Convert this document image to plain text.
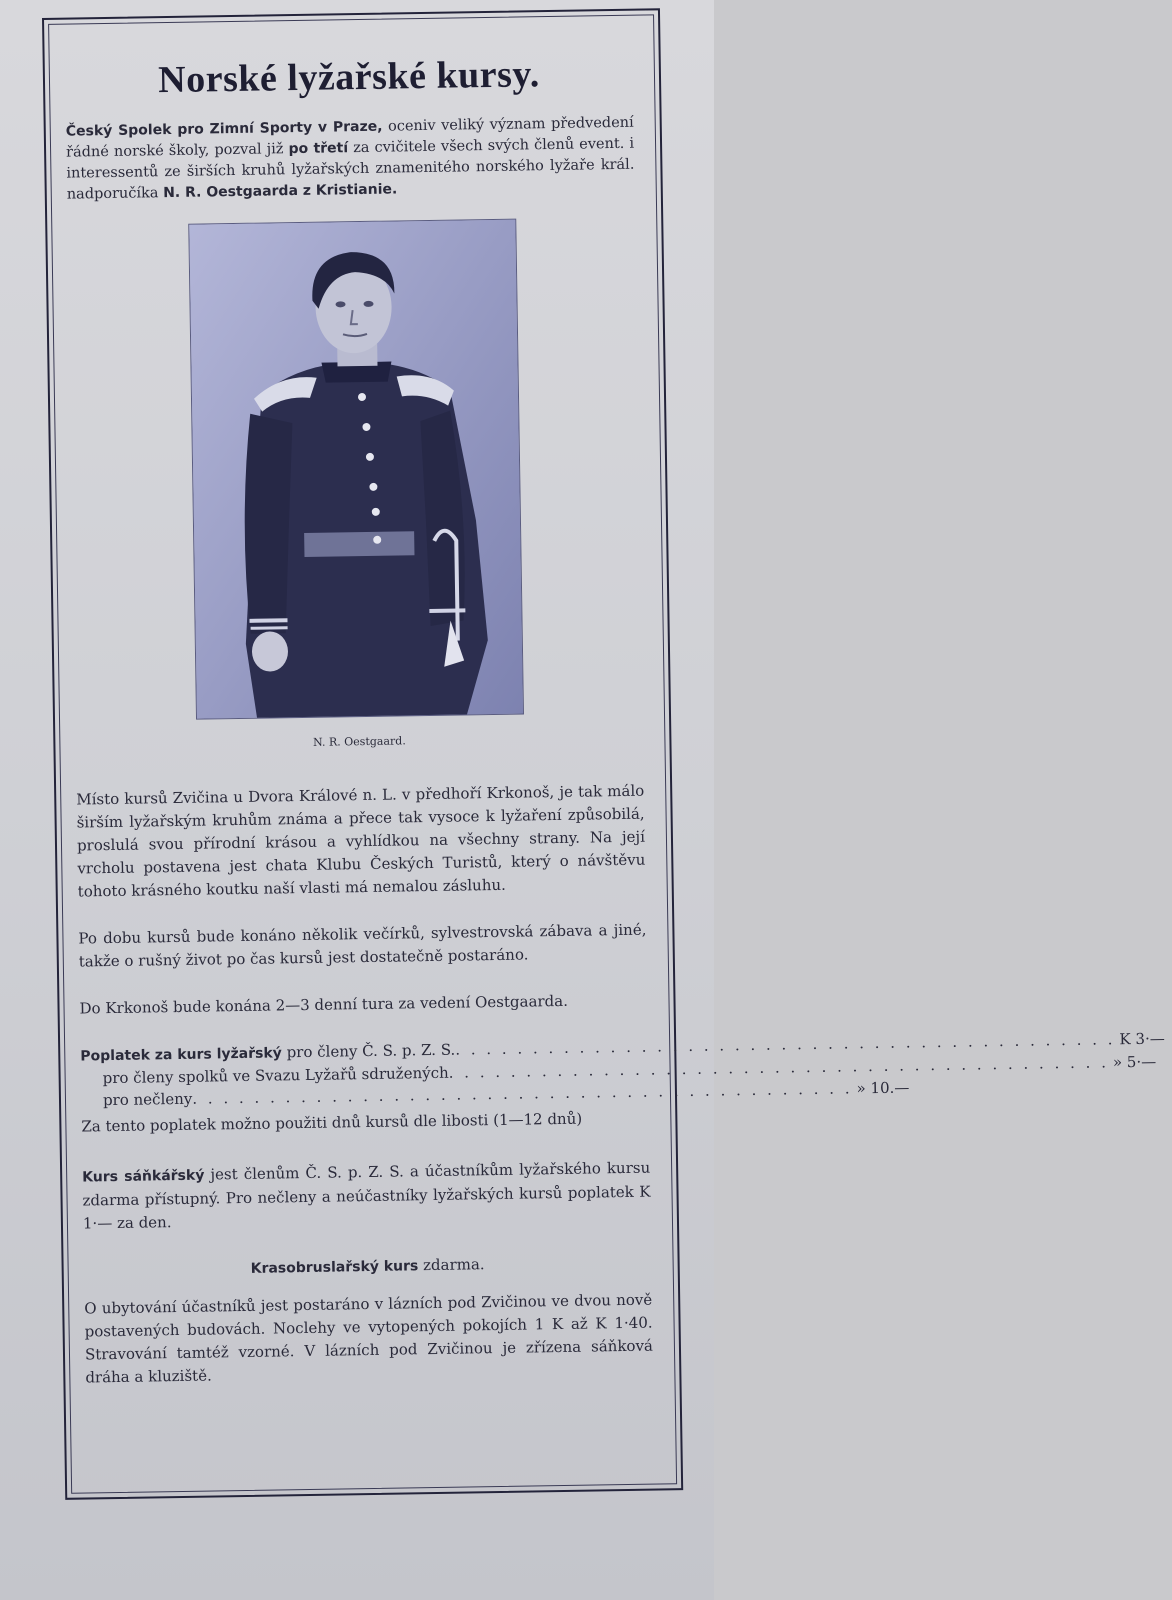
Norské lyžařské kursy.

Český Spolek pro Zimní Sporty v Praze, oceniv veliký význam předvedení řádné norské školy, pozval již po třetí za cvičitele všech svých členů event. i interessentů ze širších kruhů lyžařských znamenitého norského lyžaře král. nadporučíka N. R. Oestgaarda z Kristianie.

N. R. Oestgaard.

Místo kursů Zvičina u Dvora Králové n. L. v předhoří Krkonoš, je tak málo širším lyžařským kruhům známa a přece tak vysoce k lyžaření způsobilá, proslulá svou přírodní krásou a vyhlídkou na všechny strany. Na její vrcholu postavena jest chata Klubu Českých Turistů, který o návštěvu tohoto krásného koutku naší vlasti má nemalou zásluhu.

Po dobu kursů bude konáno několik večírků, sylvestrovská zábava a jiné, takže o rušný život po čas kursů jest dostatečně postaráno.

Do Krkonoš bude konána 2—3 denní tura za vedení Oestgaarda.

Poplatek za kurs lyžařský pro členy Č. S. p. Z. S. . . . . . . . . . . . . . . . . . . . . . . . . . . . . . . . . . . . . . . . . . . . K 3·—
pro členy spolků ve Svazu Lyžařů sdružených . . . . . . . . . . . . . . . . . . . . . . . . . . . . . . . . . . . . . . . . . . . » 5·—
pro nečleny . . . . . . . . . . . . . . . . . . . . . . . . . . . . . . . . . . . . . . . . . . . » 10.—
Za tento poplatek možno použiti dnů kursů dle libosti (1—12 dnů)

Kurs sáňkářský jest členům Č. S. p. Z. S. a účastníkům lyžařského kursu zdarma přístupný. Pro nečleny a neúčastníky lyžařských kursů poplatek K 1·— za den.

Krasobruslařský kurs zdarma.

O ubytování účastníků jest postaráno v lázních pod Zvičinou ve dvou nově postavených budovách. Noclehy ve vytopených pokojích 1 K až K 1·40. Stravování tamtéž vzorné. V lázních pod Zvičinou je zřízena sáňková dráha a kluziště.
